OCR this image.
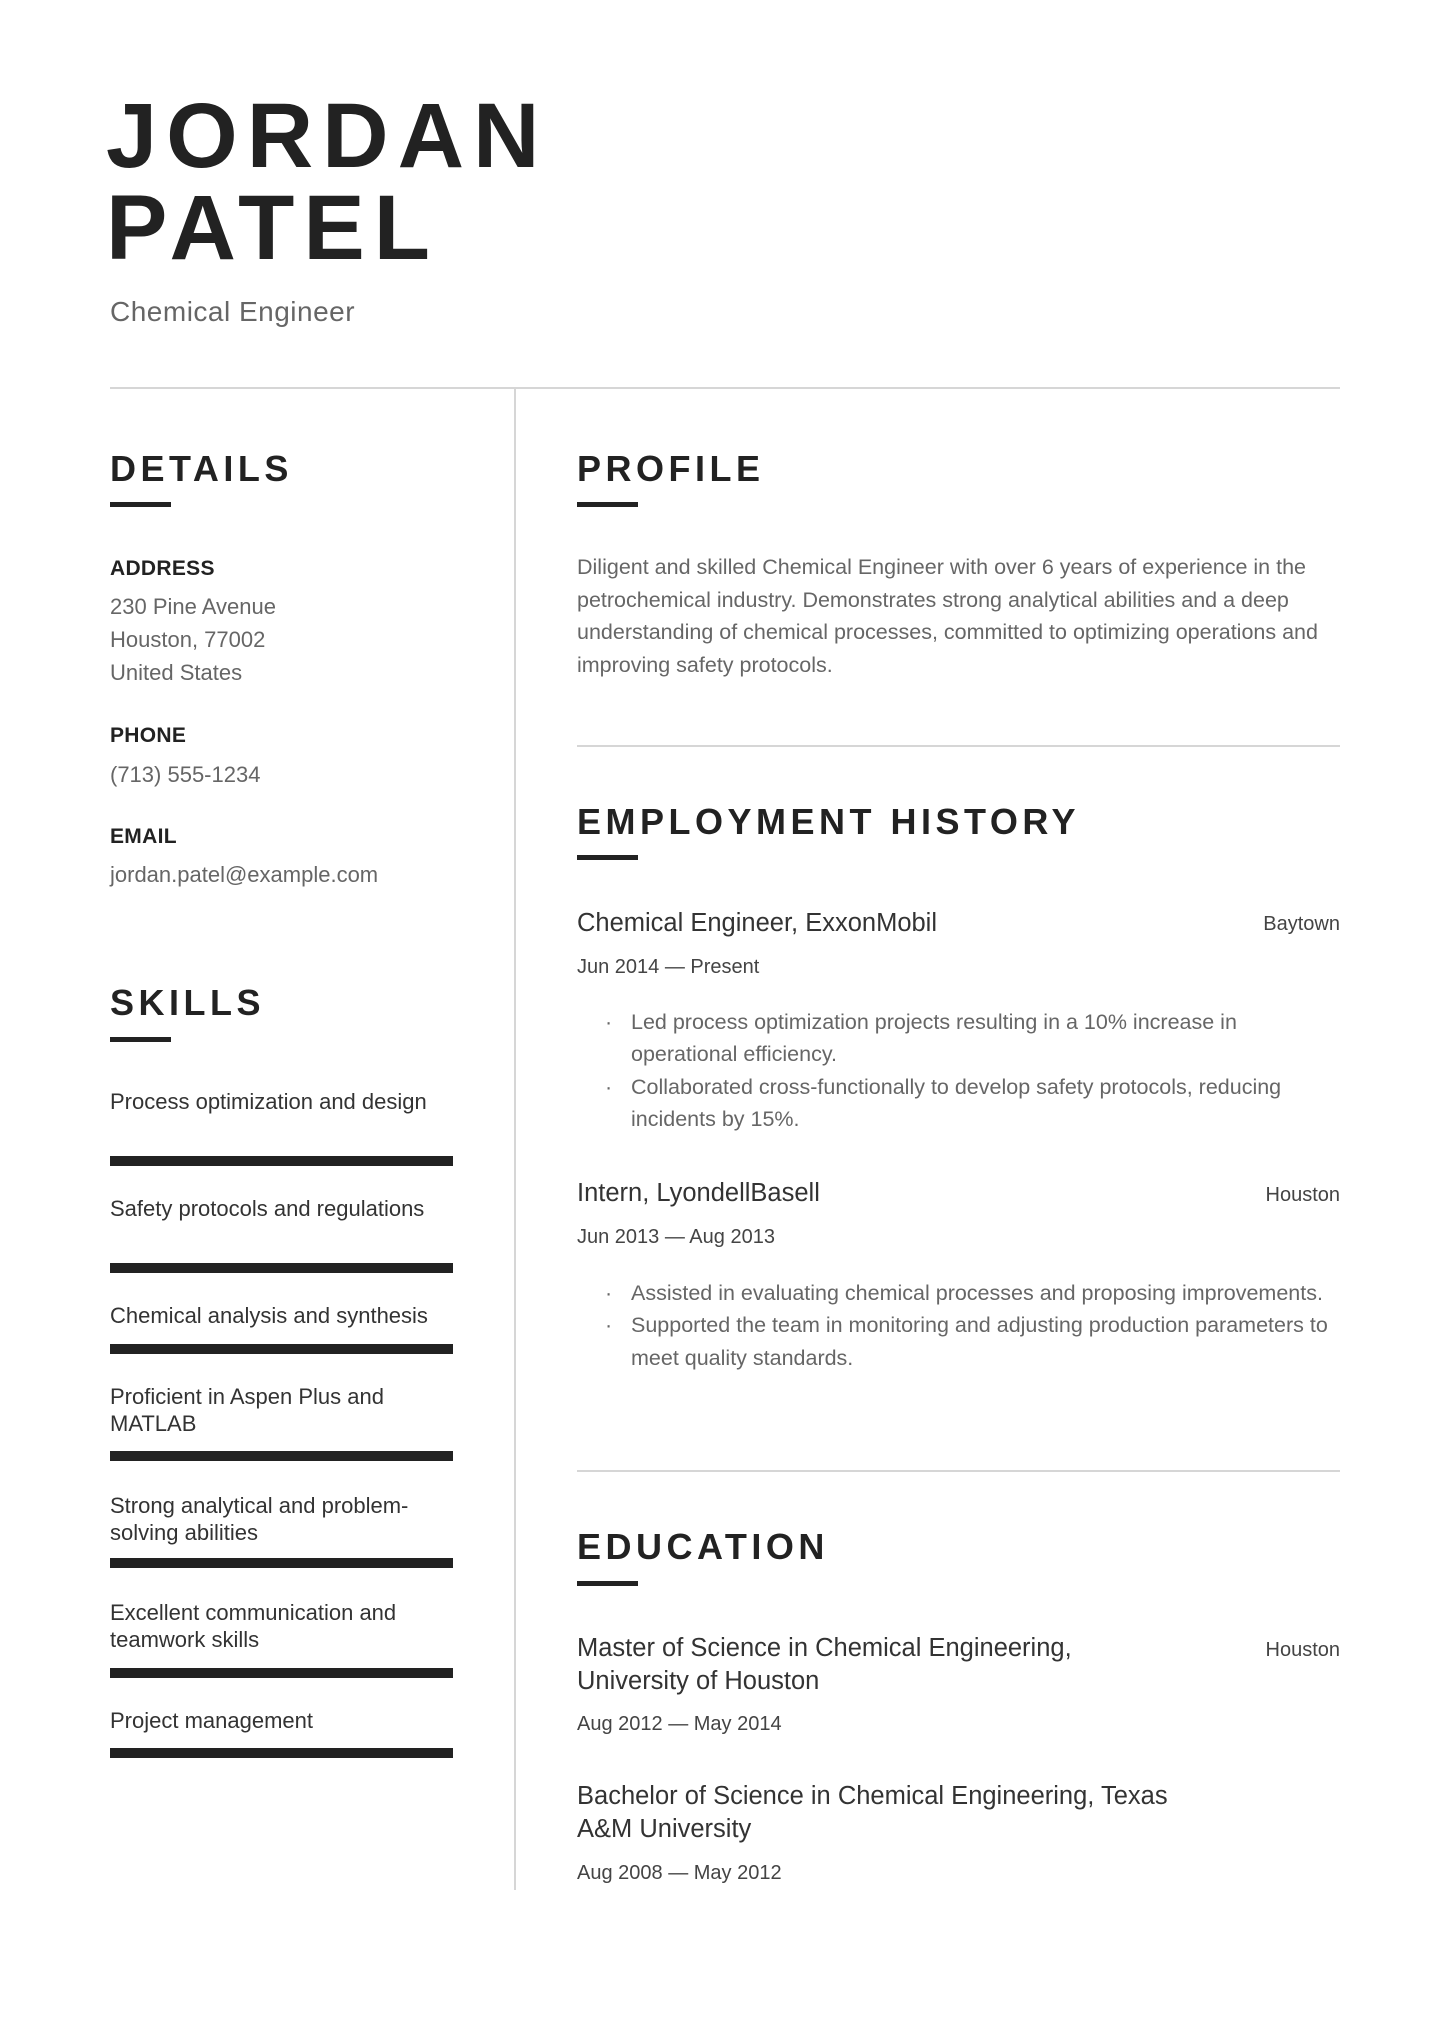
JORDAN
PATEL
Chemical Engineer
DETAILS
ADDRESS
230 Pine Avenue
Houston, 77002
United States
PHONE
(713) 555-1234
EMAIL
jordan.patel@example.com
SKILLS
Process optimization and design
Safety protocols and regulations
Chemical analysis and synthesis
Proficient in Aspen Plus and MATLAB
Strong analytical and problem-solving abilities
Excellent communication and teamwork skills
Project management
PROFILE
Diligent and skilled Chemical Engineer with over 6 years of experience in the petrochemical industry. Demonstrates strong analytical abilities and a deep understanding of chemical processes, committed to optimizing operations and improving safety protocols.
EMPLOYMENT HISTORY
Chemical Engineer, ExxonMobil	Baytown
Jun 2014 — Present
· Led process optimization projects resulting in a 10% increase in operational efficiency.
· Collaborated cross-functionally to develop safety protocols, reducing incidents by 15%.
Intern, LyondellBasell	Houston
Jun 2013 — Aug 2013
· Assisted in evaluating chemical processes and proposing improvements.
· Supported the team in monitoring and adjusting production parameters to meet quality standards.
EDUCATION
Master of Science in Chemical Engineering, University of Houston
Houston
Aug 2012 — May 2014
Bachelor of Science in Chemical Engineering, Texas A&M University
Aug 2008 — May 2012
